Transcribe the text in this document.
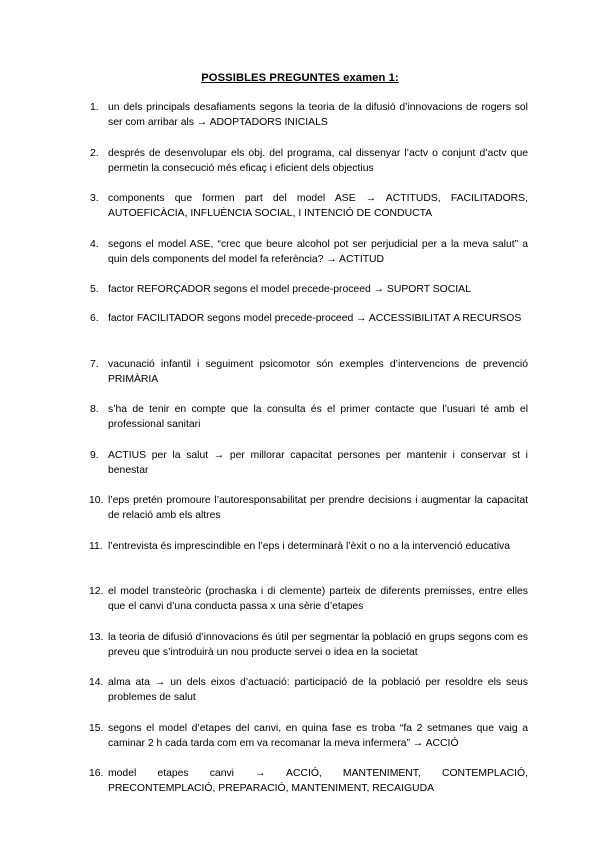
POSSIBLES PREGUNTES examen 1:
1. un dels principals desafiaments segons la teoria de la difusió d’innovacions de rogers sol ser com arribar als → ADOPTADORS INICIALS
2. després de desenvolupar els obj. del programa, cal dissenyar l’actv o conjunt d’actv que permetin la consecució més eficaç i eficient dels objectius
3. components que formen part del model ASE → ACTITUDS, FACILITADORS, AUTOEFICÀCIA, INFLUÈNCIA SOCIAL, I INTENCIÓ DE CONDUCTA
4. segons el model ASE, “crec que beure alcohol pot ser perjudicial per a la meva salut” a quin dels components del model fa referència? → ACTITUD
5. factor REFORÇADOR segons el model precede-proceed → SUPORT SOCIAL
6. factor FACILITADOR segons model precede-proceed → ACCESSIBILITAT A RECURSOS
7. vacunació infantil i seguiment psicomotor són exemples d’intervencions de prevenció PRIMÀRIA
8. s’ha de tenir en compte que la consulta és el primer contacte que l’usuari té amb el professional sanitari
9. ACTIUS per la salut → per millorar capacitat persones per mantenir i conservar st i benestar
10. l’eps pretén promoure l’autoresponsabilitat per prendre decisions i augmentar la capacitat de relació amb els altres
11. l’entrevista és imprescindible en l’eps i determinarà l’èxit o no a la intervenció educativa
12. el model transteòric (prochaska i di clemente) parteix de diferents premisses, entre elles que el canvi d’una conducta passa x una sèrie d’etapes
13. la teoria de difusió d’innovacions és útil per segmentar la població en grups segons com es preveu que s’introduirà un nou producte servei o idea en la societat
14. alma ata → un dels eixos d’actuació: participació de la població per resoldre els seus problemes de salut
15. segons el model d’etapes del canvi, en quina fase es troba “fa 2 setmanes que vaig a caminar 2 h cada tarda com em va recomanar la meva infermera” → ACCIÓ
16. model etapes canvi → ACCIÓ, MANTENIMENT, CONTEMPLACIÓ, PRECONTEMPLACIÓ, PREPARACIÓ, MANTENIMENT, RECAIGUDA
